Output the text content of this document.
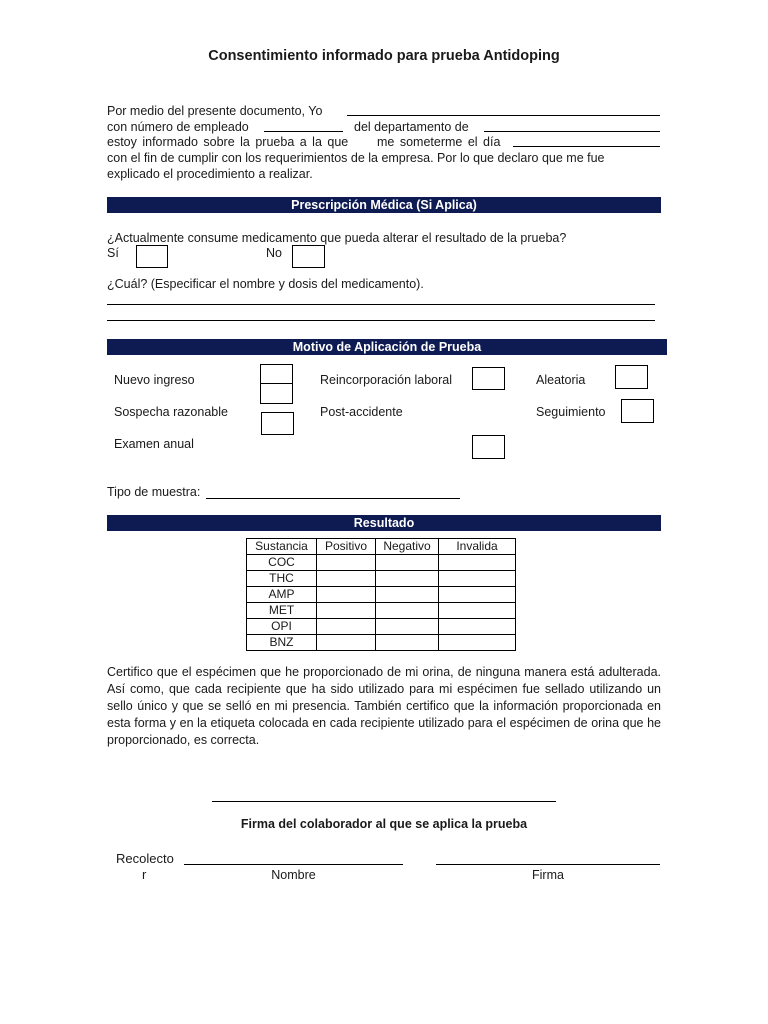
Consentimiento informado para prueba Antidoping
Por medio del presente documento, Yo
con número de empleado	del departamento de
estoy informado sobre la prueba a la que me someterme el día
con el fin de cumplir con los requerimientos de la empresa. Por lo que declaro que me fue
explicado el procedimiento a realizar.
Prescripción Médica (Si Aplica)
¿Actualmente consume medicamento que pueda alterar el resultado de la prueba?
Sí	No
¿Cuál? (Especificar el nombre y dosis del medicamento).
Motivo de Aplicación de Prueba
Nuevo ingreso	Reincorporación laboral	Aleatoria
Sospecha razonable	Post-accidente	Seguimiento
Examen anual
Tipo de muestra:
Resultado
Sustancia	Positivo	Negativo	Invalida
COC			
THC			
AMP			
MET			
OPI			
BNZ			
Certifico que el espécimen que he proporcionado de mi orina, de ninguna manera está adulterada. Así como, que cada recipiente que ha sido utilizado para mi espécimen fue sellado utilizando un sello único y que se selló en mi presencia. También certifico que la información proporcionada en esta forma y en la etiqueta colocada en cada recipiente utilizado para el espécimen de orina que he proporcionado, es correcta.
Firma del colaborador al que se aplica la prueba
Recolecto
r	Nombre	Firma
